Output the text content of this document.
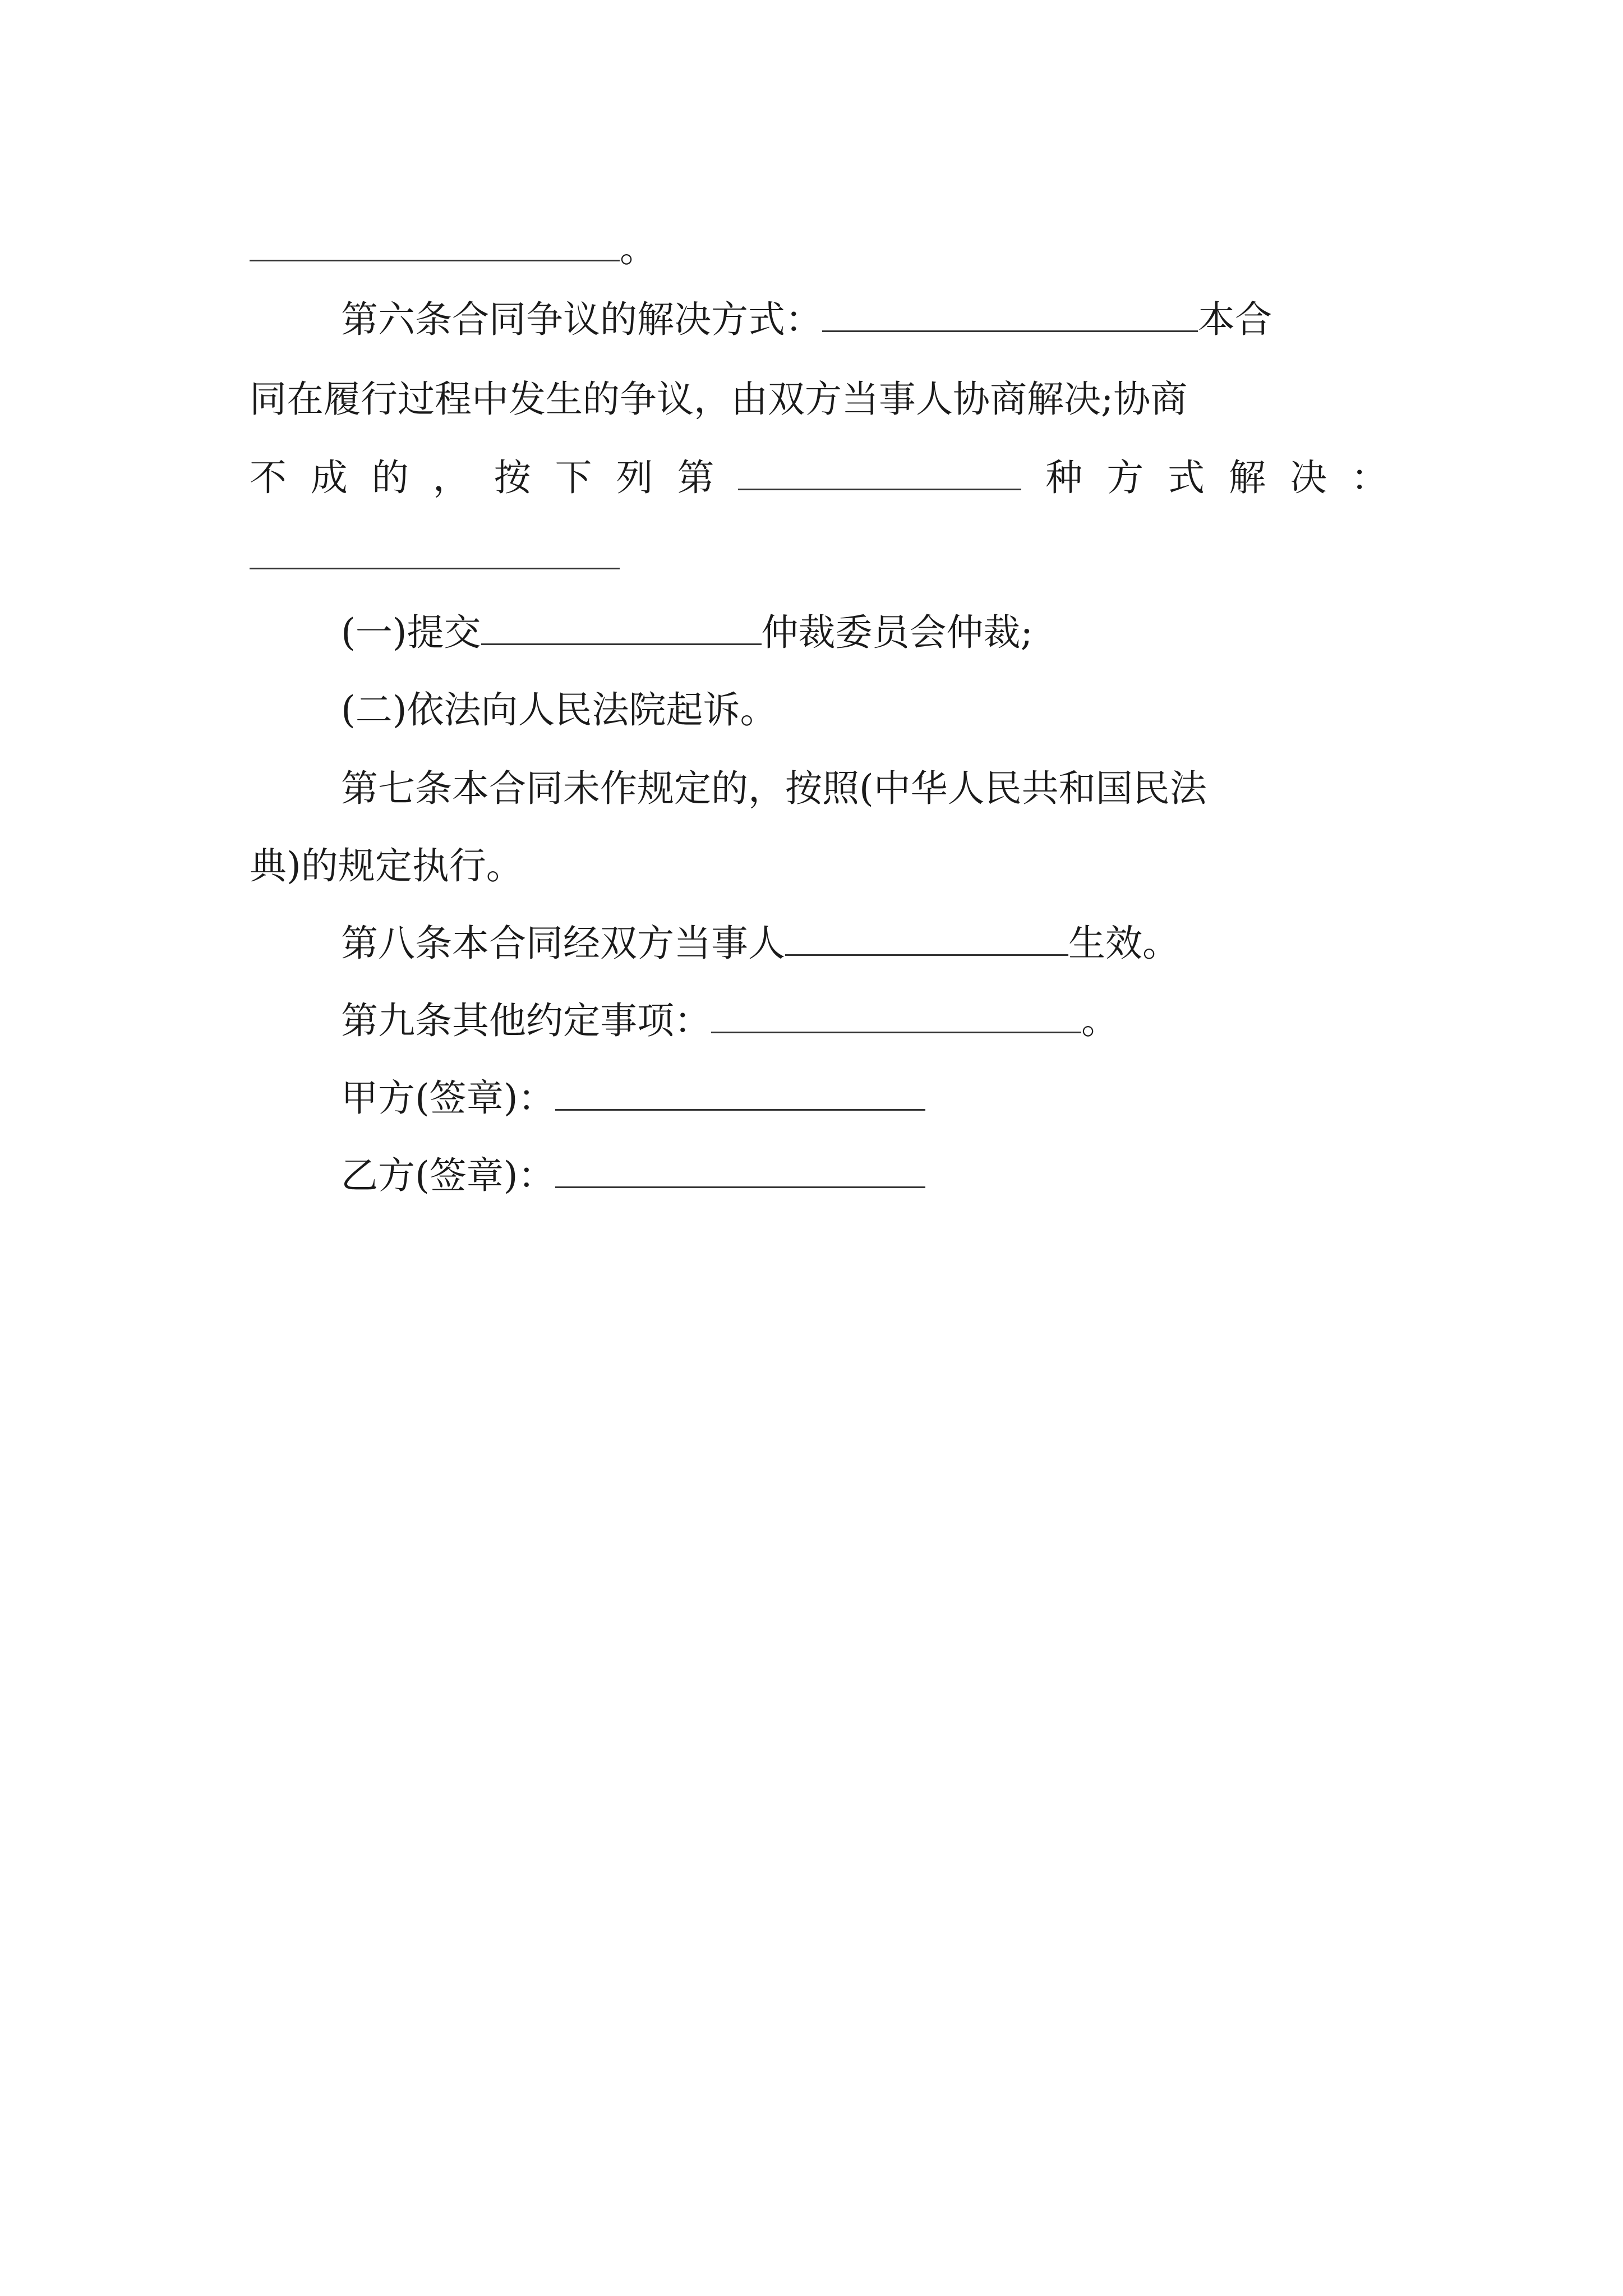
。
第六条合同争议的解决方式：	本合
同在履行过程中发生的争议，由双方当事人协商解决;协商
不 成 的 ， 按 下 列 第	种 方 式 解 决 ：
(一)提交	仲裁委员会仲裁;
(二)依法向人民法院起诉。
第七条本合同未作规定的，按照(中华人民共和国民法
典)的规定执行。
第八条本合同经双方当事人	生效。
第九条其他约定事项：	。
甲方(签章)：
乙方(签章)：
